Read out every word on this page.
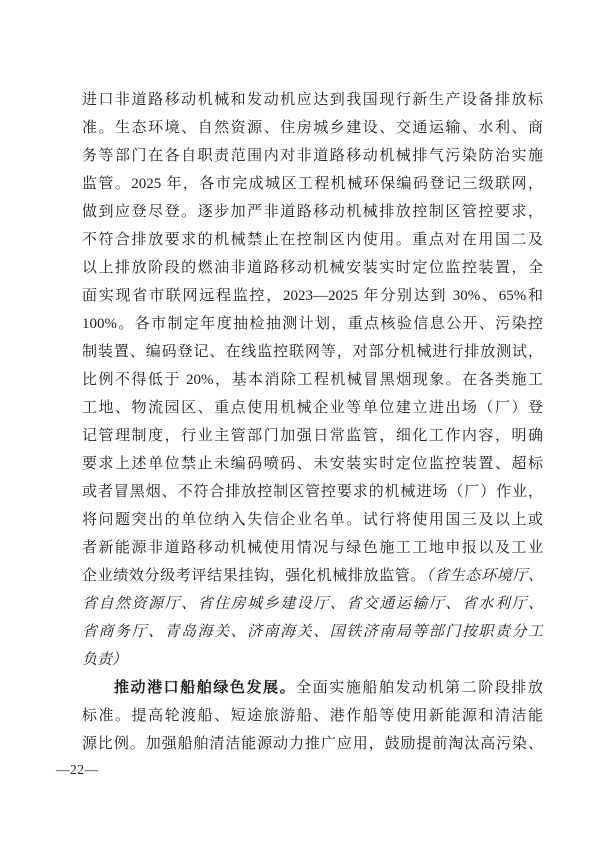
进口非道路移动机械和发动机应达到我国现行新生产设备排放标
准。生态环境、自然资源、住房城乡建设、交通运输、水利、商
务等部门在各自职责范围内对非道路移动机械排气污染防治实施
监管。2025 年，各市完成城区工程机械环保编码登记三级联网，
做到应登尽登。逐步加严非道路移动机械排放控制区管控要求，
不符合排放要求的机械禁止在控制区内使用。重点对在用国二及
以上排放阶段的燃油非道路移动机械安装实时定位监控装置，全
面实现省市联网远程监控，2023—2025 年分别达到 30%、65%和
100%。各市制定年度抽检抽测计划，重点核验信息公开、污染控
制装置、编码登记、在线监控联网等，对部分机械进行排放测试，
比例不得低于 20%，基本消除工程机械冒黑烟现象。在各类施工
工地、物流园区、重点使用机械企业等单位建立进出场（厂）登
记管理制度，行业主管部门加强日常监管，细化工作内容，明确
要求上述单位禁止未编码喷码、未安装实时定位监控装置、超标
或者冒黑烟、不符合排放控制区管控要求的机械进场（厂）作业，
将问题突出的单位纳入失信企业名单。试行将使用国三及以上或
者新能源非道路移动机械使用情况与绿色施工工地申报以及工业
企业绩效分级考评结果挂钩，强化机械排放监管。（省生态环境厅、
省自然资源厅、省住房城乡建设厅、省交通运输厅、省水利厅、
省商务厅、青岛海关、济南海关、国铁济南局等部门按职责分工
负责）
推动港口船舶绿色发展。全面实施船舶发动机第二阶段排放
标准。提高轮渡船、短途旅游船、港作船等使用新能源和清洁能
源比例。加强船舶清洁能源动力推广应用，鼓励提前淘汰高污染、
—22—
